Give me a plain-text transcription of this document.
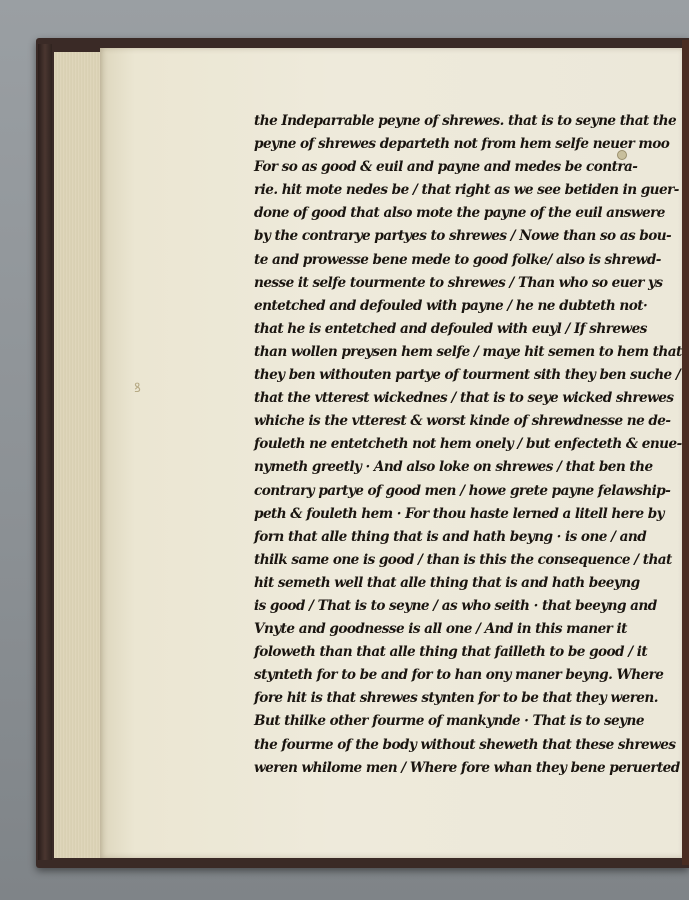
ꝸ
the Indeparrable peyne of shrewes. that is to seyne that the
peyne of shrewes departeth not from hem selfe neuer moo
For so as good & euil and payne and medes be contra-
rie. hit mote nedes be / that right as we see betiden in guer-
done of good that also mote the payne of the euil answere
by the contrarye partyes to shrewes / Nowe than so as bou-
te and prowesse bene mede to good folke/ also is shrewd-
nesse it selfe tourmente to shrewes / Than who so euer ys
entetched and defouled with payne / he ne dubteth not·
that he is entetched and defouled with euyl / If shrewes
than wollen preysen hem selfe / maye hit semen to hem that
they ben withouten partye of tourment sith they ben suche /
that the vtterest wickednes / that is to seye wicked shrewes
whiche is the vtterest & worst kinde of shrewdnesse ne de-
fouleth ne entetcheth not hem onely / but enfecteth & enue-
nymeth greetly · And also loke on shrewes / that ben the
contrary partye of good men / howe grete payne felawship-
peth & fouleth hem · For thou haste lerned a litell here by
forn that alle thing that is and hath beyng · is one / and
thilk same one is good / than is this the consequence / that
hit semeth well that alle thing that is and hath beeyng
is good / That is to seyne / as who seith · that beeyng and
Vnyte and goodnesse is all one / And in this maner it
foloweth than that alle thing that failleth to be good / it
stynteth for to be and for to han ony maner beyng. Where
fore hit is that shrewes stynten for to be that they weren.
But thilke other fourme of mankynde · That is to seyne
the fourme of the body without sheweth that these shrewes
weren whilome men / Where fore whan they bene peruerted
